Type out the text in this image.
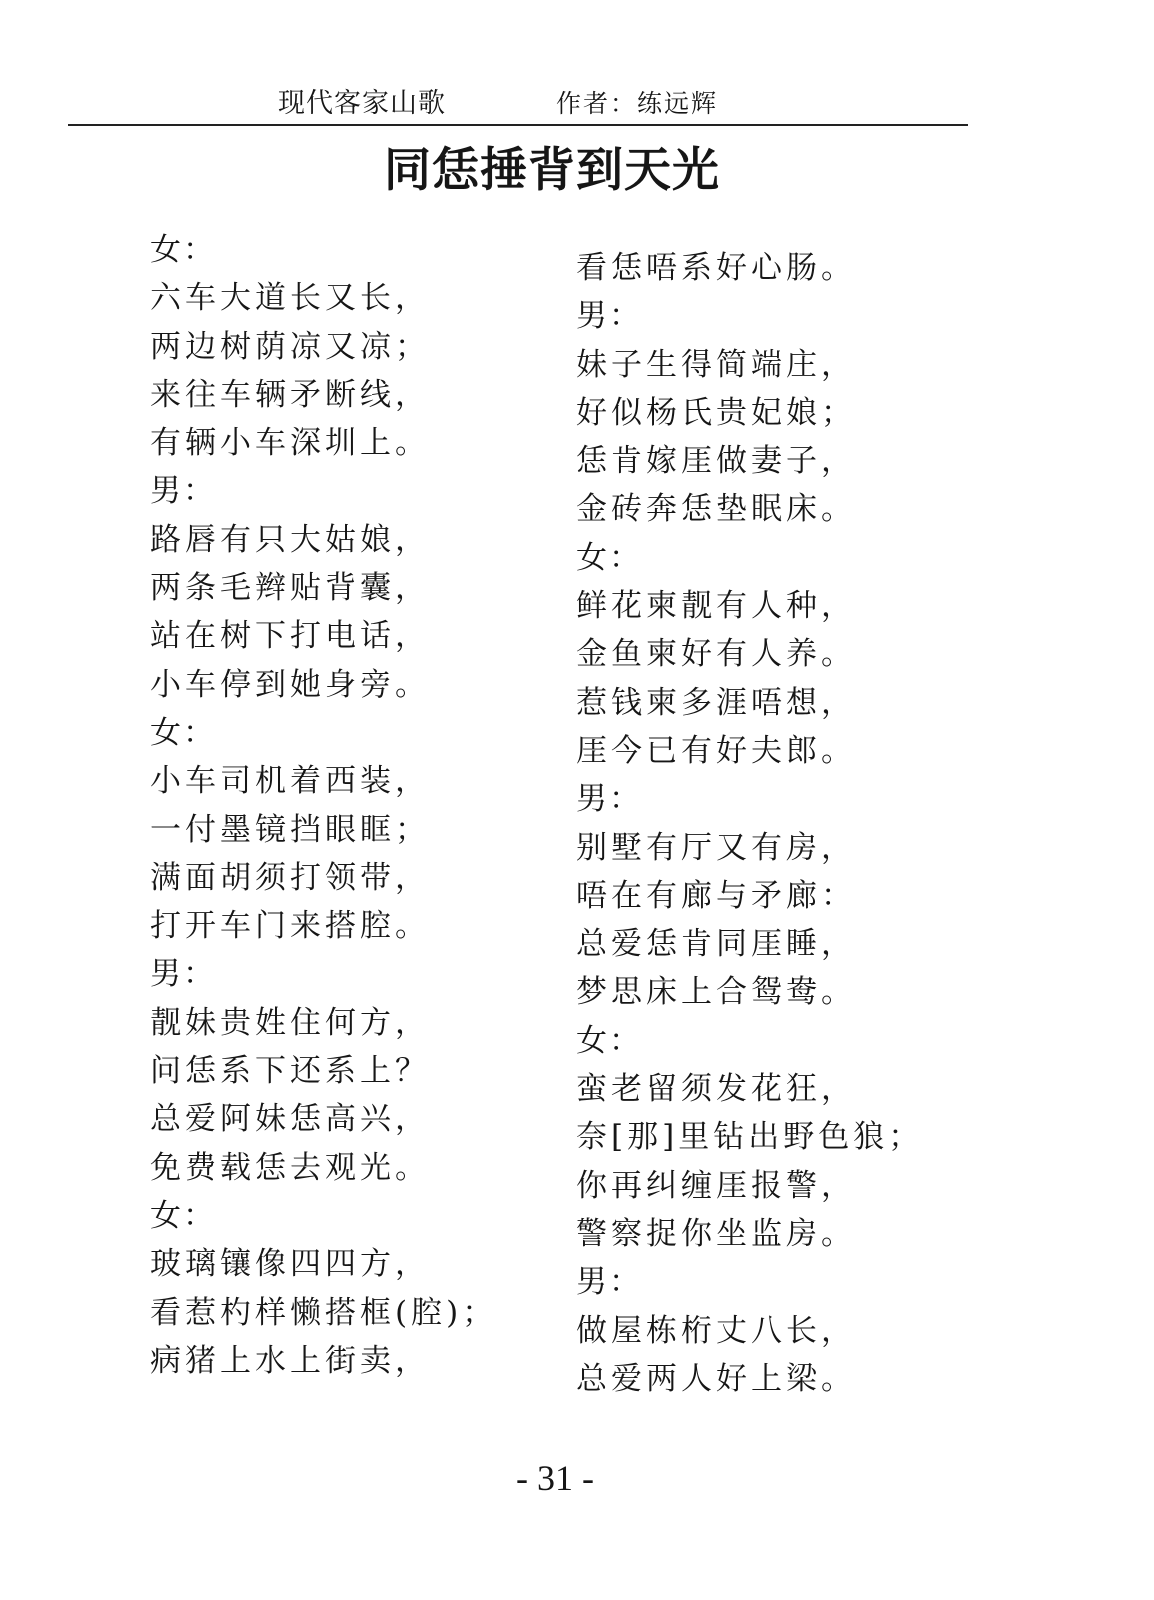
现代客家山歌	作者：练远辉
同恁捶背到天光
女：
六车大道长又长，
两边树荫凉又凉；
来往车辆矛断线，
有辆小车深圳上。
男：
路唇有只大姑娘，
两条毛辫贴背囊，
站在树下打电话，
小车停到她身旁。
女：
小车司机着西装，
一付墨镜挡眼眶；
满面胡须打领带，
打开车门来搭腔。
男：
靓妹贵姓住何方，
问恁系下还系上？
总爱阿妹恁高兴，
免费载恁去观光。
女：
玻璃镶像四四方，
看惹杓样懒搭框(腔)；
病猪上水上街卖，
看恁唔系好心肠。
男：
妹子生得简端庄，
好似杨氏贵妃娘；
恁肯嫁厓做妻子，
金砖奔恁垫眠床。
女：
鲜花柬靓有人种，
金鱼柬好有人养。
惹钱柬多涯唔想，
厓今已有好夫郎。
男：
别墅有厅又有房，
唔在有廊与矛廊：
总爱恁肯同厓睡，
梦思床上合鸳鸯。
女：
蛮老留须发花狂，
奈[那]里钻出野色狼；
你再纠缠厓报警，
警察捉你坐监房。
男：
做屋栋桁丈八长，
总爱两人好上梁。
- 31 -
